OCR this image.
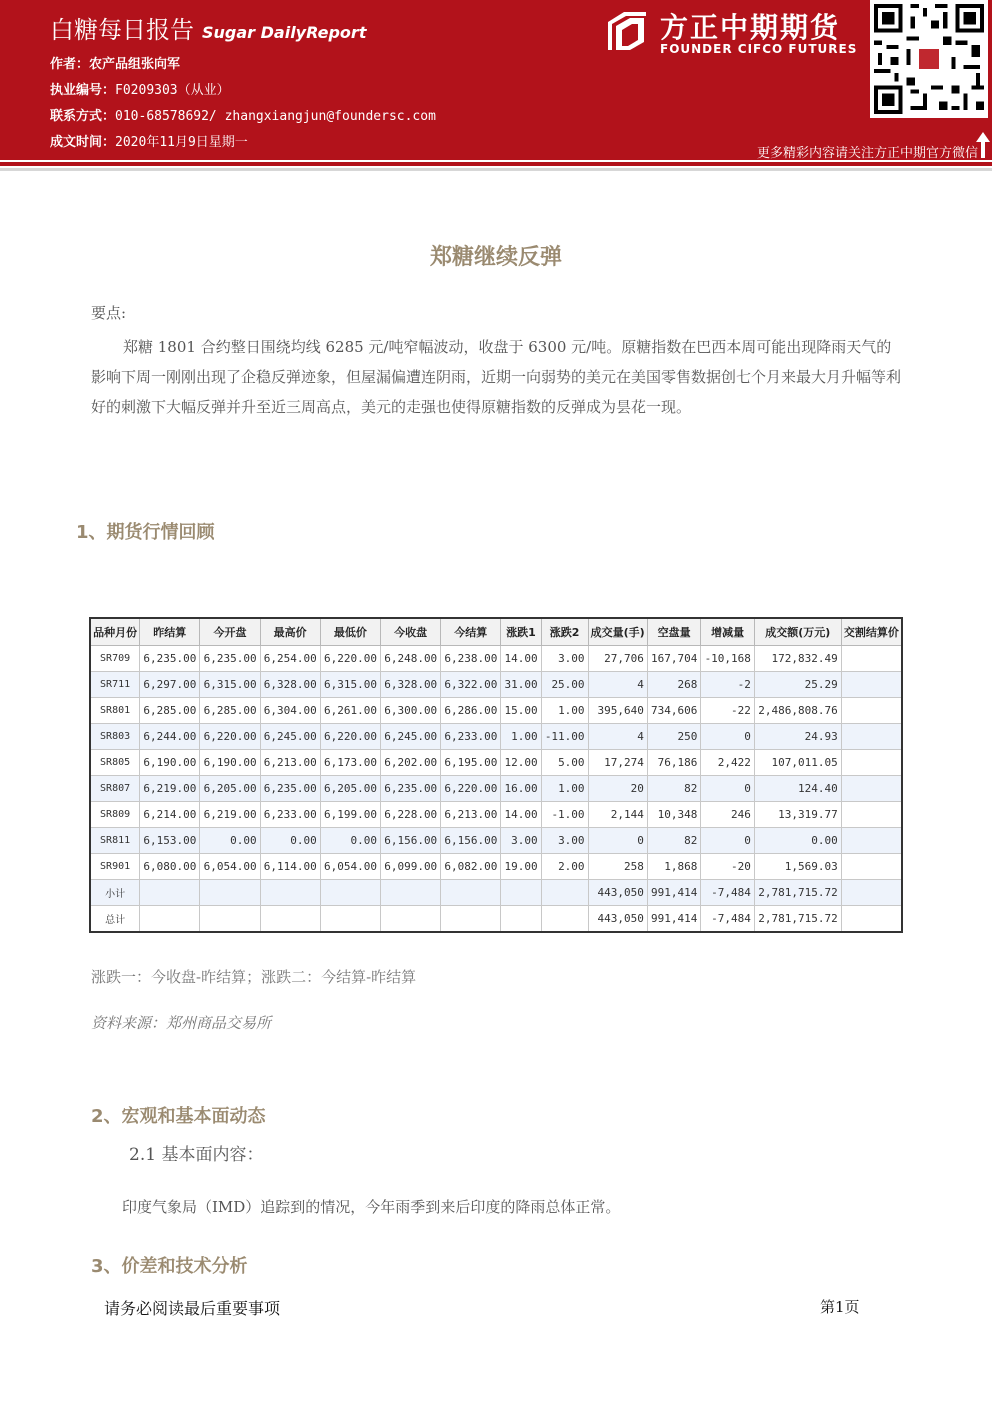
白糖每日报告 Sugar DailyReport
作者：农产品组张向军
执业编号：F0209303（从业）
联系方式：010-68578692/ zhangxiangjun@foundersc.com
成文时间：2020年11月9日星期一
方正中期期货
FOUNDER CIFCO FUTURES
更多精彩内容请关注方正中期官方微信
郑糖继续反弹
要点:
郑糖 1801 合约整日围绕均线 6285 元/吨窄幅波动，收盘于 6300 元/吨。原糖指数在巴西本周可能出现降雨天气的影响下周一刚刚出现了企稳反弹迹象，但屋漏偏遭连阴雨，近期一向弱势的美元在美国零售数据创七个月来最大月升幅等利好的刺激下大幅反弹并升至近三周高点，美元的走强也使得原糖指数的反弹成为昙花一现。
1、期货行情回顾
品种月份	昨结算	今开盘	最高价	最低价	今收盘	今结算	涨跌1	涨跌2	成交量(手)	空盘量	增减量	成交额(万元)	交割结算价
SR709	6,235.00	6,235.00	6,254.00	6,220.00	6,248.00	6,238.00	14.00	3.00	27,706	167,704	-10,168	172,832.49	
SR711	6,297.00	6,315.00	6,328.00	6,315.00	6,328.00	6,322.00	31.00	25.00	4	268	-2	25.29	
SR801	6,285.00	6,285.00	6,304.00	6,261.00	6,300.00	6,286.00	15.00	1.00	395,640	734,606	-22	2,486,808.76	
SR803	6,244.00	6,220.00	6,245.00	6,220.00	6,245.00	6,233.00	1.00	-11.00	4	250	0	24.93	
SR805	6,190.00	6,190.00	6,213.00	6,173.00	6,202.00	6,195.00	12.00	5.00	17,274	76,186	2,422	107,011.05	
SR807	6,219.00	6,205.00	6,235.00	6,205.00	6,235.00	6,220.00	16.00	1.00	20	82	0	124.40	
SR809	6,214.00	6,219.00	6,233.00	6,199.00	6,228.00	6,213.00	14.00	-1.00	2,144	10,348	246	13,319.77	
SR811	6,153.00	0.00	0.00	0.00	6,156.00	6,156.00	3.00	3.00	0	82	0	0.00	
SR901	6,080.00	6,054.00	6,114.00	6,054.00	6,099.00	6,082.00	19.00	2.00	258	1,868	-20	1,569.03	
小计									443,050	991,414	-7,484	2,781,715.72	
总计									443,050	991,414	-7,484	2,781,715.72	
涨跌一：今收盘-昨结算；涨跌二：今结算-昨结算
资料来源：郑州商品交易所
2、宏观和基本面动态
2.1 基本面内容：
印度气象局（IMD）追踪到的情况，今年雨季到来后印度的降雨总体正常。
3、价差和技术分析
请务必阅读最后重要事项	第1页
